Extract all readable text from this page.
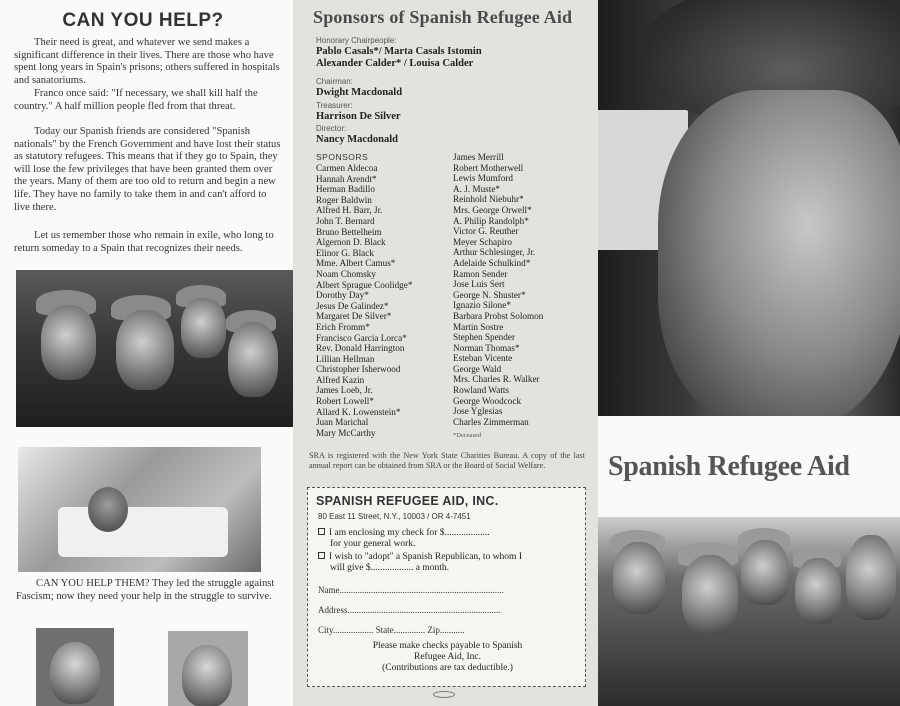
CAN YOU HELP?

Their need is great, and whatever we send makes a significant difference in their lives. There are those who have spent long years in Spain's prisons; others suffered in hospitals and sanatoriums.

Franco once said: "If necessary, we shall kill half the country." A half million people fled from that threat.

Today our Spanish friends are considered "Spanish nationals" by the French Government and have lost their status as statutory refugees. This means that if they go to Spain, they will lose the few privileges that have been granted them over the years. Many of them are too old to return and begin a new life. They have no family to take them in and can't afford to live there.

Let us remember those who remain in exile, who long to return someday to a Spain that recognizes their needs.

CAN YOU HELP THEM? They led the struggle against Fascism; now they need your help in the struggle to survive.

Sponsors of Spanish Refugee Aid
Honorary Chairpeople:
Pablo Casals*/ Marta Casals Istomin
Alexander Calder* / Louisa Calder
Chairman:
Dwight Macdonald
Treasurer:
Harrison De Silver
Director:
Nancy Macdonald
SPONSORS
Carmen Aldecoa
Hannah Arendt*
Herman Badillo
Roger Baldwin
Alfred H. Barr, Jr.
John T. Bernard
Bruno Bettelheim
Algernon D. Black
Elinor G. Black
Mme. Albert Camus*
Noam Chomsky
Albert Sprague Coolidge*
Dorothy Day*
Jesus De Galindez*
Margaret De Silver*
Erich Fromm*
Francisco Garcia Lorca*
Rev. Donald Harrington
Lillian Hellman
Christopher Isherwood
Alfred Kazin
James Loeb, Jr.
Robert Lowell*
Allard K. Lowenstein*
Juan Marichal
Mary McCarthy
James Merrill
Robert Motherwell
Lewis Mumford
A. J. Muste*
Reinhold Niebuhr*
Mrs. George Orwell*
A. Philip Randolph*
Victor G. Reuther
Meyer Schapiro
Arthur Schlesinger, Jr.
Adelaide Schulkind*
Ramon Sender
Jose Luis Sert
George N. Shuster*
Ignazio Silone*
Barbara Probst Solomon
Martin Sostre
Stephen Spender
Norman Thomas*
Esteban Vicente
George Wald
Mrs. Charles R. Walker
Rowland Watts
George Woodcock
Jose Yglesias
Charles Zimmerman
*Deceased

SRA is registered with the New York State Charities Bureau. A copy of the last annual report can be obtained from SRA or the Board of Social Welfare.

SPANISH REFUGEE AID, INC.
80 East 11 Street, N.Y., 10003 / OR 4-7451
I am enclosing my check for $...................
for your general work.
I wish to "adopt" a Spanish Republican, to whom I
will give $.................. a month.
Name.........................................................................
Address....................................................................
City.................. State.............. Zip...........
Please make checks payable to Spanish
Refugee Aid, Inc.
(Contributions are tax deductible.)
Spanish Refugee Aid
